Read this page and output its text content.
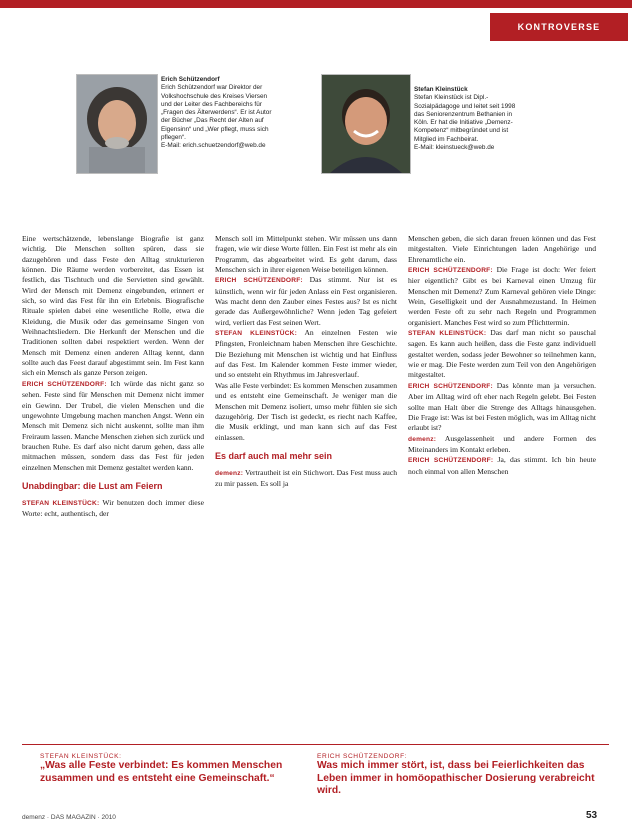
KONTROVERSE
Erich Schützendorf
Erich Schützendorf war Direktor der Volkshochschule des Kreises Viersen und der Leiter des Fachbereichs für „Fragen des Älterwerdens“. Er ist Autor der Bücher „Das Recht der Alten auf Eigensinn“ und „Wer pflegt, muss sich pflegen“.
E-Mail: erich.schuetzendorf@web.de
Stefan Kleinstück
Stefan Kleinstück ist Dipl.-Sozialpädagoge und leitet seit 1998 das Seniorenzentrum Bethanien in Köln. Er hat die Initiative „Demenz-Kompetenz“ mitbegründet und ist Mitglied im Fachbeirat.
E-Mail: kleinstueck@web.de

Eine wertschätzende, lebenslange Biografie ist ganz wichtig. Die Menschen sollten spüren, dass sie dazugehören und dass Feste den Alltag strukturieren können. Die Räume werden vorbereitet, das Essen ist festlich, das Tischtuch und die Servietten sind gewählt. Wird der Mensch mit Demenz eingebunden, erinnert er sich, so wird das Fest für ihn ein Erlebnis. Biografische Rituale spielen dabei eine wesentliche Rolle, etwa die Kleidung, die Musik oder das gemeinsame Singen von Weihnachtsliedern. Die Herkunft der Menschen und die Traditionen sollten dabei respektiert werden. Wenn der Mensch mit Demenz einen anderen Alltag kennt, dann sollte auch das Feest darauf abgestimmt sein. Im Fest kann sich ein Mensch als ganze Person zeigen.

ERICH SCHÜTZENDORF: Ich würde das nicht ganz so sehen. Feste sind für Menschen mit Demenz nicht immer ein Gewinn. Der Trubel, die vielen Menschen und die ungewohnte Umgebung machen manchen Angst. Wenn ein Mensch mit Demenz sich nicht auskennt, sollte man ihm Freiraum lassen. Manche Menschen ziehen sich zurück und brauchen Ruhe. Es darf also nicht darum gehen, dass alle mitmachen müssen, sondern dass das Fest für jeden einzelnen Menschen mit Demenz gestaltet werden kann.

Unabdingbar: die Lust am Feiern

STEFAN KLEINSTÜCK: Wir benutzen doch immer diese Worte: echt, authentisch, der

Mensch soll im Mittelpunkt stehen. Wir müssen uns dann fragen, wie wir diese Worte füllen. Ein Fest ist mehr als ein Programm, das abgearbeitet wird. Es geht darum, dass Menschen sich in ihrer eigenen Weise beteiligen können.

ERICH SCHÜTZENDORF: Das stimmt. Nur ist es künstlich, wenn wir für jeden Anlass ein Fest organisieren. Was macht denn den Zauber eines Festes aus? Ist es nicht gerade das Außergewöhnliche? Wenn jeden Tag gefeiert wird, verliert das Fest seinen Wert.

STEFAN KLEINSTÜCK: An einzelnen Festen wie Pfingsten, Fronleichnam haben Menschen ihre Geschichte. Die Beziehung mit Menschen ist wichtig und hat Einfluss auf das Fest. Im Kalender kommen Feste immer wieder, und so entsteht ein Rhythmus im Jahresverlauf.

Was alle Feste verbindet: Es kommen Menschen zusammen und es entsteht eine Gemeinschaft. Je weniger man die Menschen mit Demenz isoliert, umso mehr fühlen sie sich dazugehörig. Der Tisch ist gedeckt, es riecht nach Kaffee, die Musik erklingt, und man kann sich auf das Fest einlassen.

Es darf auch mal mehr sein

demenz: Vertrautheit ist ein Stichwort. Das Fest muss auch zu mir passen. Es soll ja

Menschen geben, die sich daran freuen können und das Fest mitgestalten. Viele Einrichtungen laden Angehörige und Ehrenamtliche ein.

ERICH SCHÜTZENDORF: Die Frage ist doch: Wer feiert hier eigentlich? Gibt es bei Karneval einen Umzug für Menschen mit Demenz? Zum Karneval gehören viele Dinge: Wein, Geselligkeit und der Ausnahmezustand. In Heimen werden Feste oft zu sehr nach Regeln und Programmen organisiert. Manches Fest wird so zum Pflichttermin.

STEFAN KLEINSTÜCK: Das darf man nicht so pauschal sagen. Es kann auch heißen, dass die Feste ganz individuell gestaltet werden, sodass jeder Bewohner so teilnehmen kann, wie er mag. Die Feste werden zum Teil von den Angehörigen mitgestaltet.

ERICH SCHÜTZENDORF: Das könnte man ja versuchen. Aber im Alltag wird oft eher nach Regeln gelebt. Bei Festen sollte man Halt über die Strenge des Alltags hinausgehen. Die Frage ist: Was ist bei Festen möglich, was im Alltag nicht erlaubt ist?

demenz: Ausgelassenheit und andere Formen des Miteinanders im Kontakt erleben.

ERICH SCHÜTZENDORF: Ja, das stimmt. Ich bin heute noch einmal von allen Menschen

STEFAN KLEINSTÜCK:
„Was alle Feste verbindet: Es kommen Menschen zusammen und es entsteht eine Gemeinschaft.“
ERICH SCHÜTZENDORF:
Was mich immer stört, ist, dass bei Feierlichkeiten das Leben immer in homöopathischer Dosierung verabreicht wird.
demenz · DAS MAGAZIN · 2010	53
